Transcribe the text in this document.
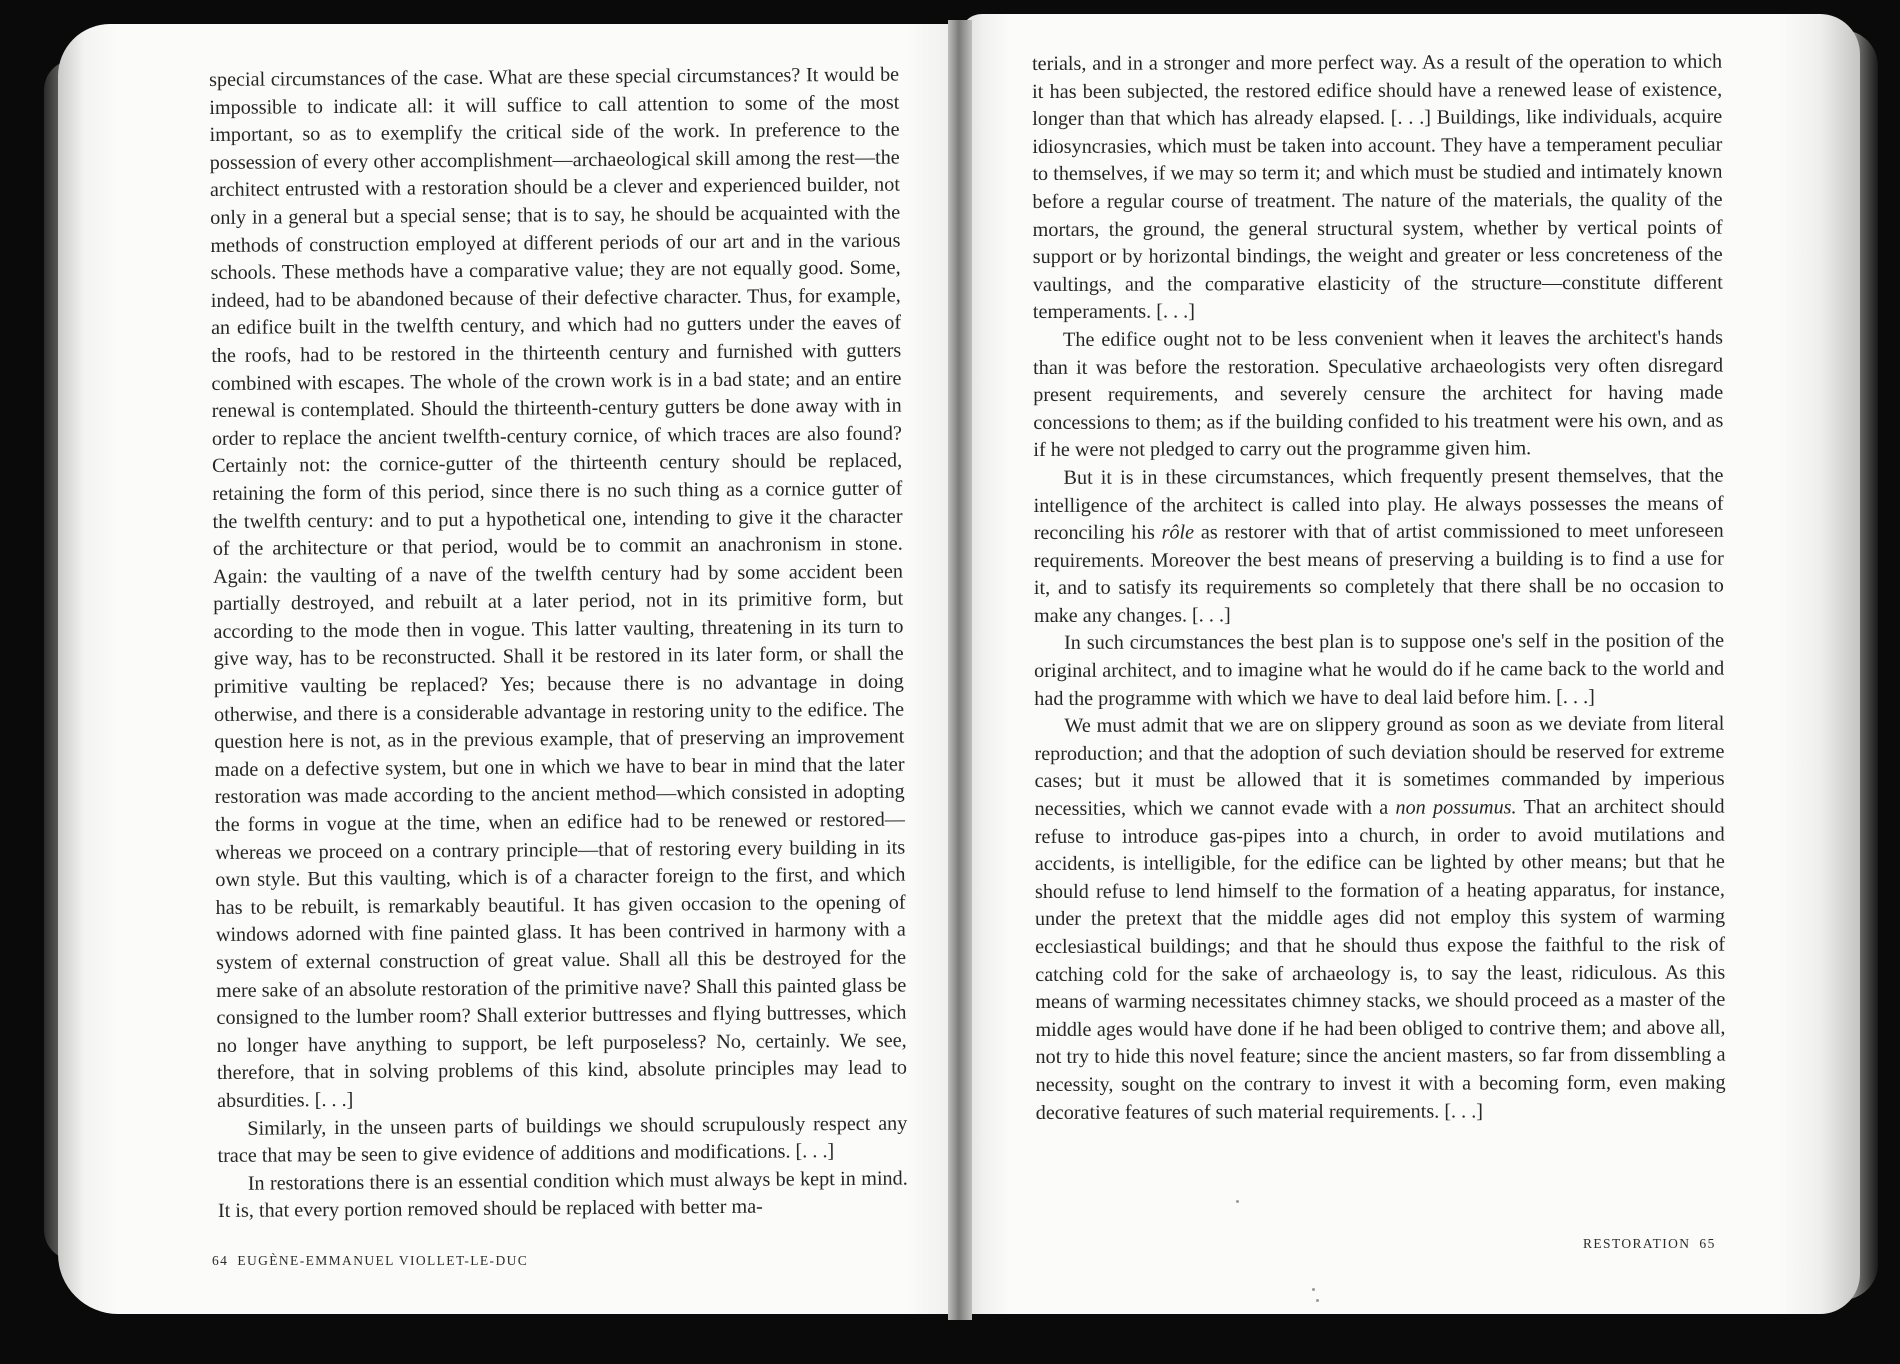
special circumstances of the case. What are these special circumstances? It would be impossible to indicate all: it will suffice to call attention to some of the most important, so as to exemplify the critical side of the work. In preference to the possession of every other accomplishment—archaeological skill among the rest—the architect entrusted with a restoration should be a clever and experienced builder, not only in a general but a special sense; that is to say, he should be acquainted with the methods of construction employed at different periods of our art and in the various schools. These methods have a comparative value; they are not equally good. Some, indeed, had to be abandoned because of their defective character. Thus, for example, an edifice built in the twelfth century, and which had no gutters under the eaves of the roofs, had to be restored in the thirteenth century and furnished with gutters combined with escapes. The whole of the crown work is in a bad state; and an entire renewal is contemplated. Should the thirteenth-century gutters be done away with in order to replace the ancient twelfth-century cornice, of which traces are also found? Certainly not: the cornice-gutter of the thirteenth century should be replaced, retaining the form of this period, since there is no such thing as a cornice gutter of the twelfth century: and to put a hypothetical one, intending to give it the character of the architecture or that period, would be to commit an anachronism in stone. Again: the vaulting of a nave of the twelfth century had by some accident been partially destroyed, and rebuilt at a later period, not in its primitive form, but according to the mode then in vogue. This latter vaulting, threatening in its turn to give way, has to be reconstructed. Shall it be restored in its later form, or shall the primitive vaulting be replaced? Yes; because there is no advantage in doing otherwise, and there is a considerable advantage in restoring unity to the edifice. The question here is not, as in the previous example, that of preserving an improvement made on a defective system, but one in which we have to bear in mind that the later restoration was made according to the ancient method—which consisted in adopting the forms in vogue at the time, when an edifice had to be renewed or restored—whereas we proceed on a contrary principle—that of restoring every building in its own style. But this vaulting, which is of a character foreign to the first, and which has to be rebuilt, is remarkably beautiful. It has given occasion to the opening of windows adorned with fine painted glass. It has been contrived in harmony with a system of external construction of great value. Shall all this be destroyed for the mere sake of an absolute restoration of the primitive nave? Shall this painted glass be consigned to the lumber room? Shall exterior buttresses and flying buttresses, which no longer have anything to support, be left purposeless? No, certainly. We see, therefore, that in solving problems of this kind, absolute principles may lead to absurdities. [. . .]

Similarly, in the unseen parts of buildings we should scrupulously respect any trace that may be seen to give evidence of additions and modifications. [. . .]

In restorations there is an essential condition which must always be kept in mind. It is, that every portion removed should be replaced with better ma-

terials, and in a stronger and more perfect way. As a result of the operation to which it has been subjected, the restored edifice should have a renewed lease of existence, longer than that which has already elapsed. [. . .] Buildings, like individuals, acquire idiosyncrasies, which must be taken into account. They have a temperament peculiar to themselves, if we may so term it; and which must be studied and intimately known before a regular course of treatment. The nature of the materials, the quality of the mortars, the ground, the general structural system, whether by vertical points of support or by horizontal bindings, the weight and greater or less concreteness of the vaultings, and the comparative elasticity of the structure—constitute different temperaments. [. . .]

The edifice ought not to be less convenient when it leaves the architect's hands than it was before the restoration. Speculative archaeologists very often disregard present requirements, and severely censure the architect for having made concessions to them; as if the building confided to his treatment were his own, and as if he were not pledged to carry out the programme given him.

But it is in these circumstances, which frequently present themselves, that the intelligence of the architect is called into play. He always possesses the means of reconciling his rôle as restorer with that of artist commissioned to meet unforeseen requirements. Moreover the best means of preserving a building is to find a use for it, and to satisfy its requirements so completely that there shall be no occasion to make any changes. [. . .]

In such circumstances the best plan is to suppose one's self in the position of the original architect, and to imagine what he would do if he came back to the world and had the programme with which we have to deal laid before him. [. . .]

We must admit that we are on slippery ground as soon as we deviate from literal reproduction; and that the adoption of such deviation should be reserved for extreme cases; but it must be allowed that it is sometimes commanded by imperious necessities, which we cannot evade with a non possumus. That an architect should refuse to introduce gas-pipes into a church, in order to avoid mutilations and accidents, is intelligible, for the edifice can be lighted by other means; but that he should refuse to lend himself to the formation of a heating apparatus, for instance, under the pretext that the middle ages did not employ this system of warming ecclesiastical buildings; and that he should thus expose the faithful to the risk of catching cold for the sake of archaeology is, to say the least, ridiculous. As this means of warming necessitates chimney stacks, we should proceed as a master of the middle ages would have done if he had been obliged to contrive them; and above all, not try to hide this novel feature; since the ancient masters, so far from dissembling a necessity, sought on the contrary to invest it with a becoming form, even making decorative features of such material requirements. [. . .]

64 EUGÈNE-EMMANUEL VIOLLET-LE-DUC
RESTORATION 65
